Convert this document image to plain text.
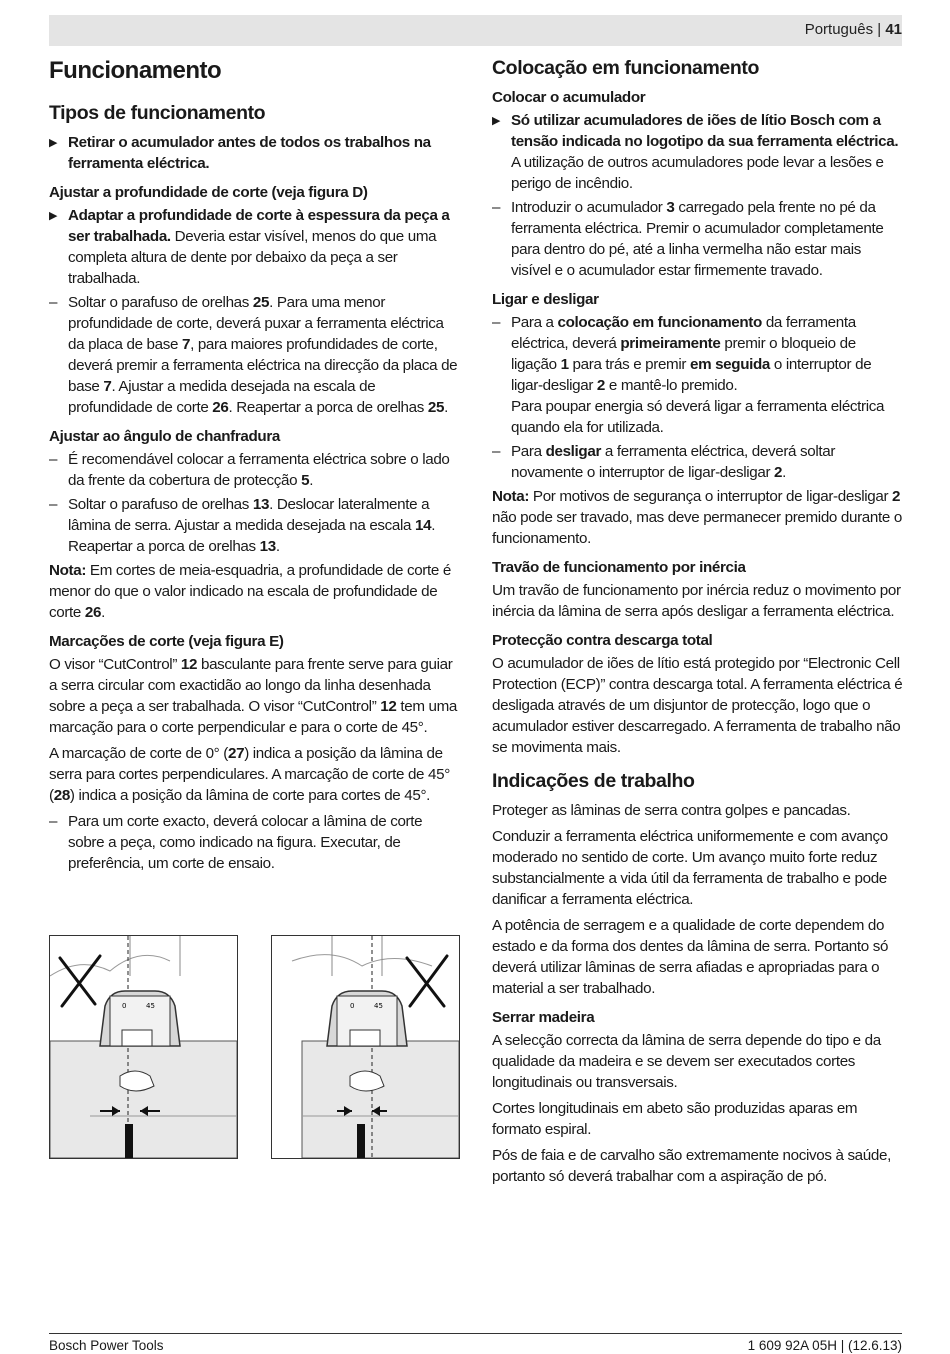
Português | 41
Funcionamento
Tipos de funcionamento
▶ Retirar o acumulador antes de todos os trabalhos na ferramenta eléctrica.
Ajustar a profundidade de corte (veja figura D)
▶ Adaptar a profundidade de corte à espessura da peça a ser trabalhada. Deveria estar visível, menos do que uma completa altura de dente por debaixo da peça a ser trabalhada.
– Soltar o parafuso de orelhas 25. Para uma menor profundidade de corte, deverá puxar a ferramenta eléctrica da placa de base 7, para maiores profundidades de corte, deverá premir a ferramenta eléctrica na direcção da placa de base 7. Ajustar a medida desejada na escala de profundidade de corte 26. Reapertar a porca de orelhas 25.
Ajustar ao ângulo de chanfradura
– É recomendável colocar a ferramenta eléctrica sobre o lado da frente da cobertura de protecção 5.
– Soltar o parafuso de orelhas 13. Deslocar lateralmente a lâmina de serra. Ajustar a medida desejada na escala 14. Reapertar a porca de orelhas 13.

Nota: Em cortes de meia-esquadria, a profundidade de corte é menor do que o valor indicado na escala de profundidade de corte 26.

Marcações de corte (veja figura E)

O visor “CutControl” 12 basculante para frente serve para guiar a serra circular com exactidão ao longo da linha desenhada sobre a peça a ser trabalhada. O visor “CutControl” 12 tem uma marcação para o corte perpendicular e para o corte de 45°.

A marcação de corte de 0° (27) indica a posição da lâmina de serra para cortes perpendiculares. A marcação de corte de 45° (28) indica a posição da lâmina de corte para cortes de 45°.

– Para um corte exacto, deverá colocar a lâmina de corte sobre a peça, como indicado na figura. Executar, de preferência, um corte de ensaio.
0	45	0	45
Colocação em funcionamento
Colocar o acumulador
▶ Só utilizar acumuladores de iões de lítio Bosch com a tensão indicada no logotipo da sua ferramenta eléctrica. A utilização de outros acumuladores pode levar a lesões e perigo de incêndio.
– Introduzir o acumulador 3 carregado pela frente no pé da ferramenta eléctrica. Premir o acumulador completamente para dentro do pé, até a linha vermelha não estar mais visível e o acumulador estar firmemente travado.
Ligar e desligar
– Para a colocação em funcionamento da ferramenta eléctrica, deverá primeiramente premir o bloqueio de ligação 1 para trás e premir em seguida o interruptor de ligar-desligar 2 e mantê-lo premido.
Para poupar energia só deverá ligar a ferramenta eléctrica quando ela for utilizada.
– Para desligar a ferramenta eléctrica, deverá soltar novamente o interruptor de ligar-desligar 2.

Nota: Por motivos de segurança o interruptor de ligar-desligar 2 não pode ser travado, mas deve permanecer premido durante o funcionamento.

Travão de funcionamento por inércia

Um travão de funcionamento por inércia reduz o movimento por inércia da lâmina de serra após desligar a ferramenta eléctrica.

Protecção contra descarga total

O acumulador de iões de lítio está protegido por “Electronic Cell Protection (ECP)” contra descarga total. A ferramenta eléctrica é desligada através de um disjuntor de protecção, logo que o acumulador estiver descarregado. A ferramenta de trabalho não se movimenta mais.

Indicações de trabalho

Proteger as lâminas de serra contra golpes e pancadas.

Conduzir a ferramenta eléctrica uniformemente e com avanço moderado no sentido de corte. Um avanço muito forte reduz substancialmente a vida útil da ferramenta de trabalho e pode danificar a ferramenta eléctrica.

A potência de serragem e a qualidade de corte dependem do estado e da forma dos dentes da lâmina de serra. Portanto só deverá utilizar lâminas de serra afiadas e apropriadas para o material a ser trabalhado.

Serrar madeira

A selecção correcta da lâmina de serra depende do tipo e da qualidade da madeira e se devem ser executados cortes longitudinais ou transversais.

Cortes longitudinais em abeto são produzidas aparas em formato espiral.

Pós de faia e de carvalho são extremamente nocivos à saúde, portanto só deverá trabalhar com a aspiração de pó.

Bosch Power Tools	1 609 92A 05H | (12.6.13)
